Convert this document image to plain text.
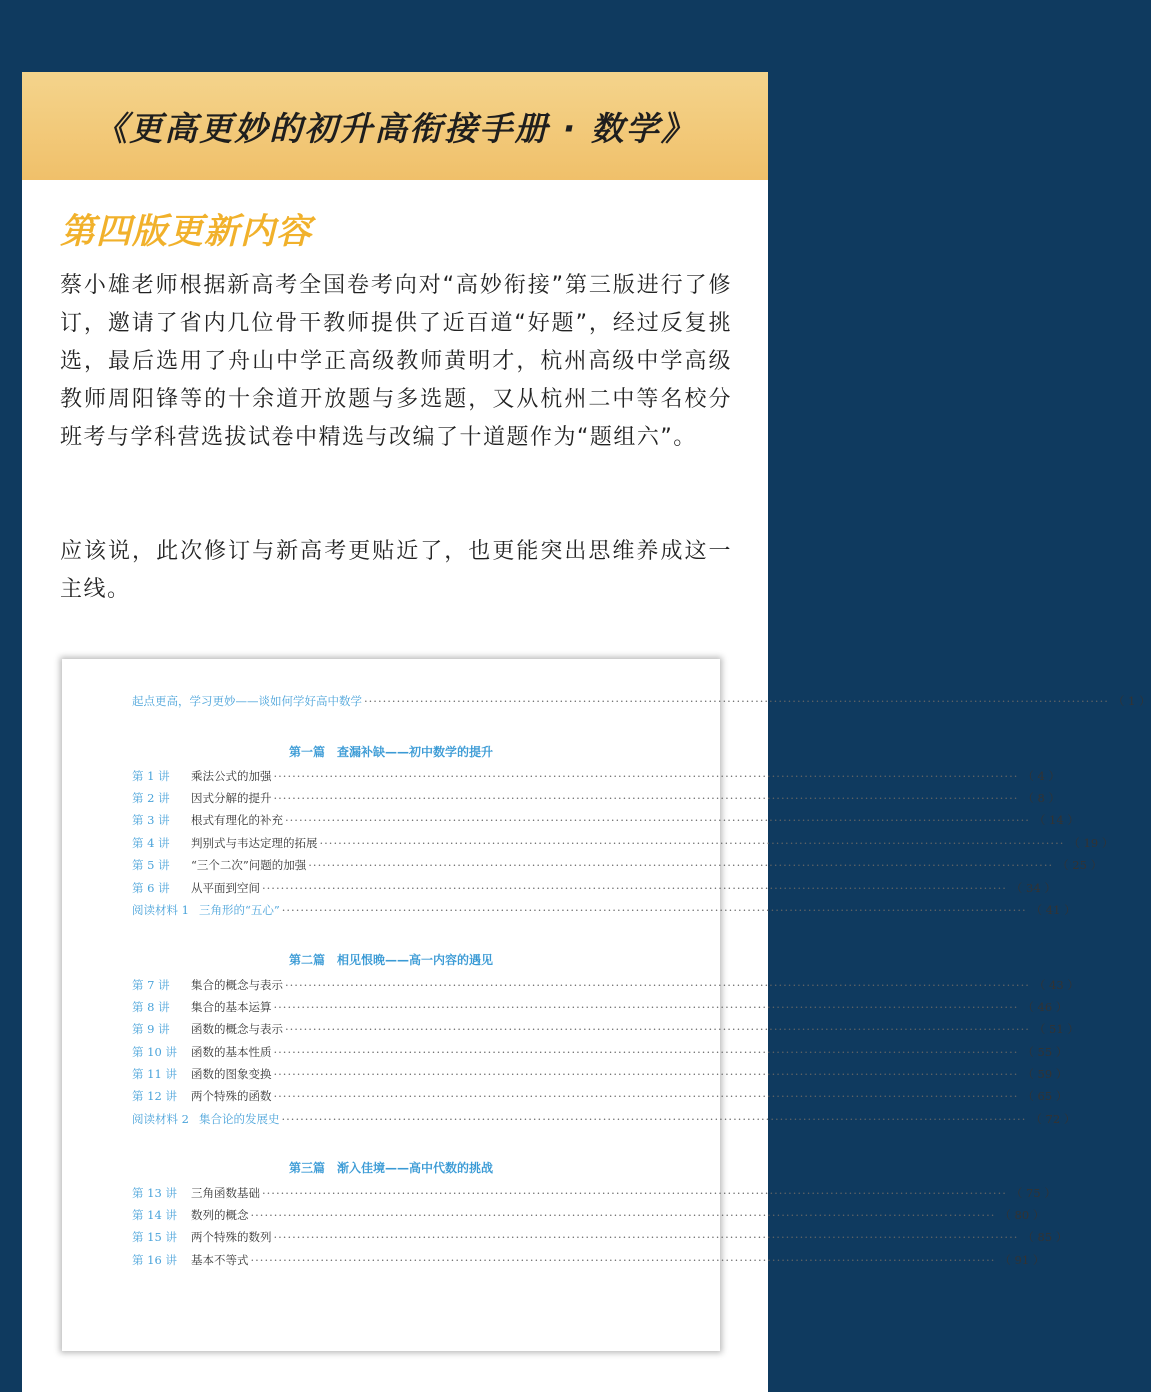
《更高更妙的初升高衔接手册 · 数学》
第四版更新内容

蔡小雄老师根据新高考全国卷考向对“高妙衔接”第三版进行了修订，邀请了省内几位骨干教师提供了近百道“好题”，经过反复挑选，最后选用了舟山中学正高级教师黄明才，杭州高级中学高级教师周阳锋等的十余道开放题与多选题，又从杭州二中等名校分班考与学科营选拔试卷中精选与改编了十道题作为“题组六”。

应该说，此次修订与新高考更贴近了，也更能突出思维养成这一主线。

起点更高，学习更妙——谈如何学好高中数学 ································································································································································ （ 1 ）
第一篇　查漏补缺——初中数学的提升
第 1 讲	乘法公式的加强 ································································································································································ （ 4 ）
第 2 讲	因式分解的提升 ································································································································································ （ 8 ）
第 3 讲	根式有理化的补充 ································································································································································ （ 14 ）
第 4 讲	判别式与韦达定理的拓展 ································································································································································ （ 19 ）
第 5 讲	“三个二次”问题的加强 ································································································································································ （ 25 ）
第 6 讲	从平面到空间 ································································································································································ （ 34 ）
阅读材料 1 三角形的“五心” ································································································································································ （ 41 ）
第二篇　相见恨晚——高一内容的遇见
第 7 讲	集合的概念与表示 ································································································································································ （ 43 ）
第 8 讲	集合的基本运算 ································································································································································ （ 46 ）
第 9 讲	函数的概念与表示 ································································································································································ （ 51 ）
第 10 讲	函数的基本性质 ································································································································································ （ 55 ）
第 11 讲	函数的图象变换 ································································································································································ （ 59 ）
第 12 讲	两个特殊的函数 ································································································································································ （ 65 ）
阅读材料 2 集合论的发展史 ································································································································································ （ 72 ）
第三篇　渐入佳境——高中代数的挑战
第 13 讲	三角函数基础 ································································································································································ （ 75 ）
第 14 讲	数列的概念 ································································································································································ （ 80 ）
第 15 讲	两个特殊的数列 ································································································································································ （ 85 ）
第 16 讲	基本不等式 ································································································································································ （ 91 ）
